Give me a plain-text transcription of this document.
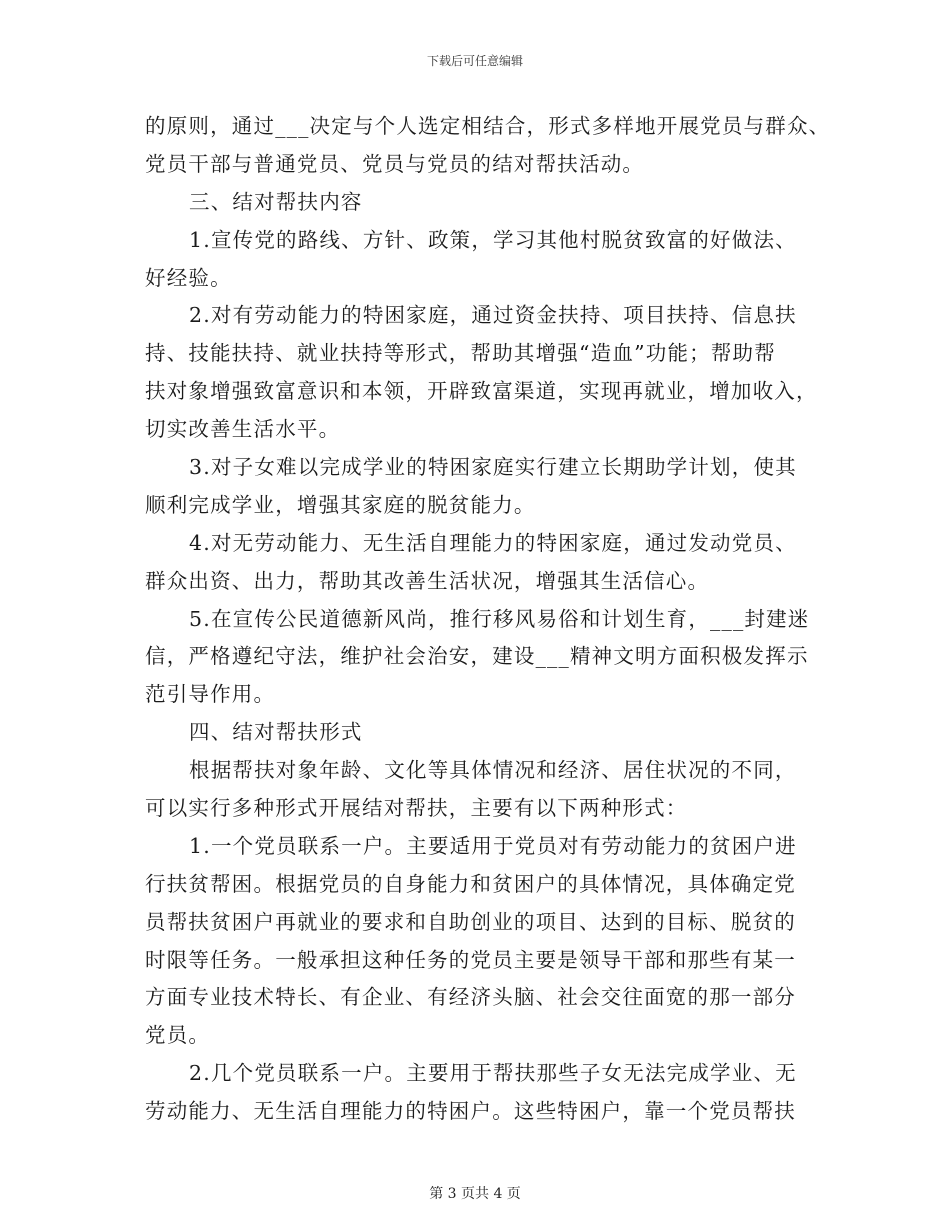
下载后可任意编辑
的原则，通过___决定与个人选定相结合，形式多样地开展党员与群众、
党员干部与普通党员、党员与党员的结对帮扶活动。
三、结对帮扶内容
1.宣传党的路线、方针、政策，学习其他村脱贫致富的好做法、
好经验。
2.对有劳动能力的特困家庭，通过资金扶持、项目扶持、信息扶
持、技能扶持、就业扶持等形式，帮助其增强“造血”功能；帮助帮
扶对象增强致富意识和本领，开辟致富渠道，实现再就业，增加收入，
切实改善生活水平。
3.对子女难以完成学业的特困家庭实行建立长期助学计划，使其
顺利完成学业，增强其家庭的脱贫能力。
4.对无劳动能力、无生活自理能力的特困家庭，通过发动党员、
群众出资、出力，帮助其改善生活状况，增强其生活信心。
5.在宣传公民道德新风尚，推行移风易俗和计划生育，___封建迷
信，严格遵纪守法，维护社会治安，建设___精神文明方面积极发挥示
范引导作用。
四、结对帮扶形式
根据帮扶对象年龄、文化等具体情况和经济、居住状况的不同，
可以实行多种形式开展结对帮扶，主要有以下两种形式：
1.一个党员联系一户。主要适用于党员对有劳动能力的贫困户进
行扶贫帮困。根据党员的自身能力和贫困户的具体情况，具体确定党
员帮扶贫困户再就业的要求和自助创业的项目、达到的目标、脱贫的
时限等任务。一般承担这种任务的党员主要是领导干部和那些有某一
方面专业技术特长、有企业、有经济头脑、社会交往面宽的那一部分
党员。
2.几个党员联系一户。主要用于帮扶那些子女无法完成学业、无
劳动能力、无生活自理能力的特困户。这些特困户，靠一个党员帮扶
第 3 页共 4 页
